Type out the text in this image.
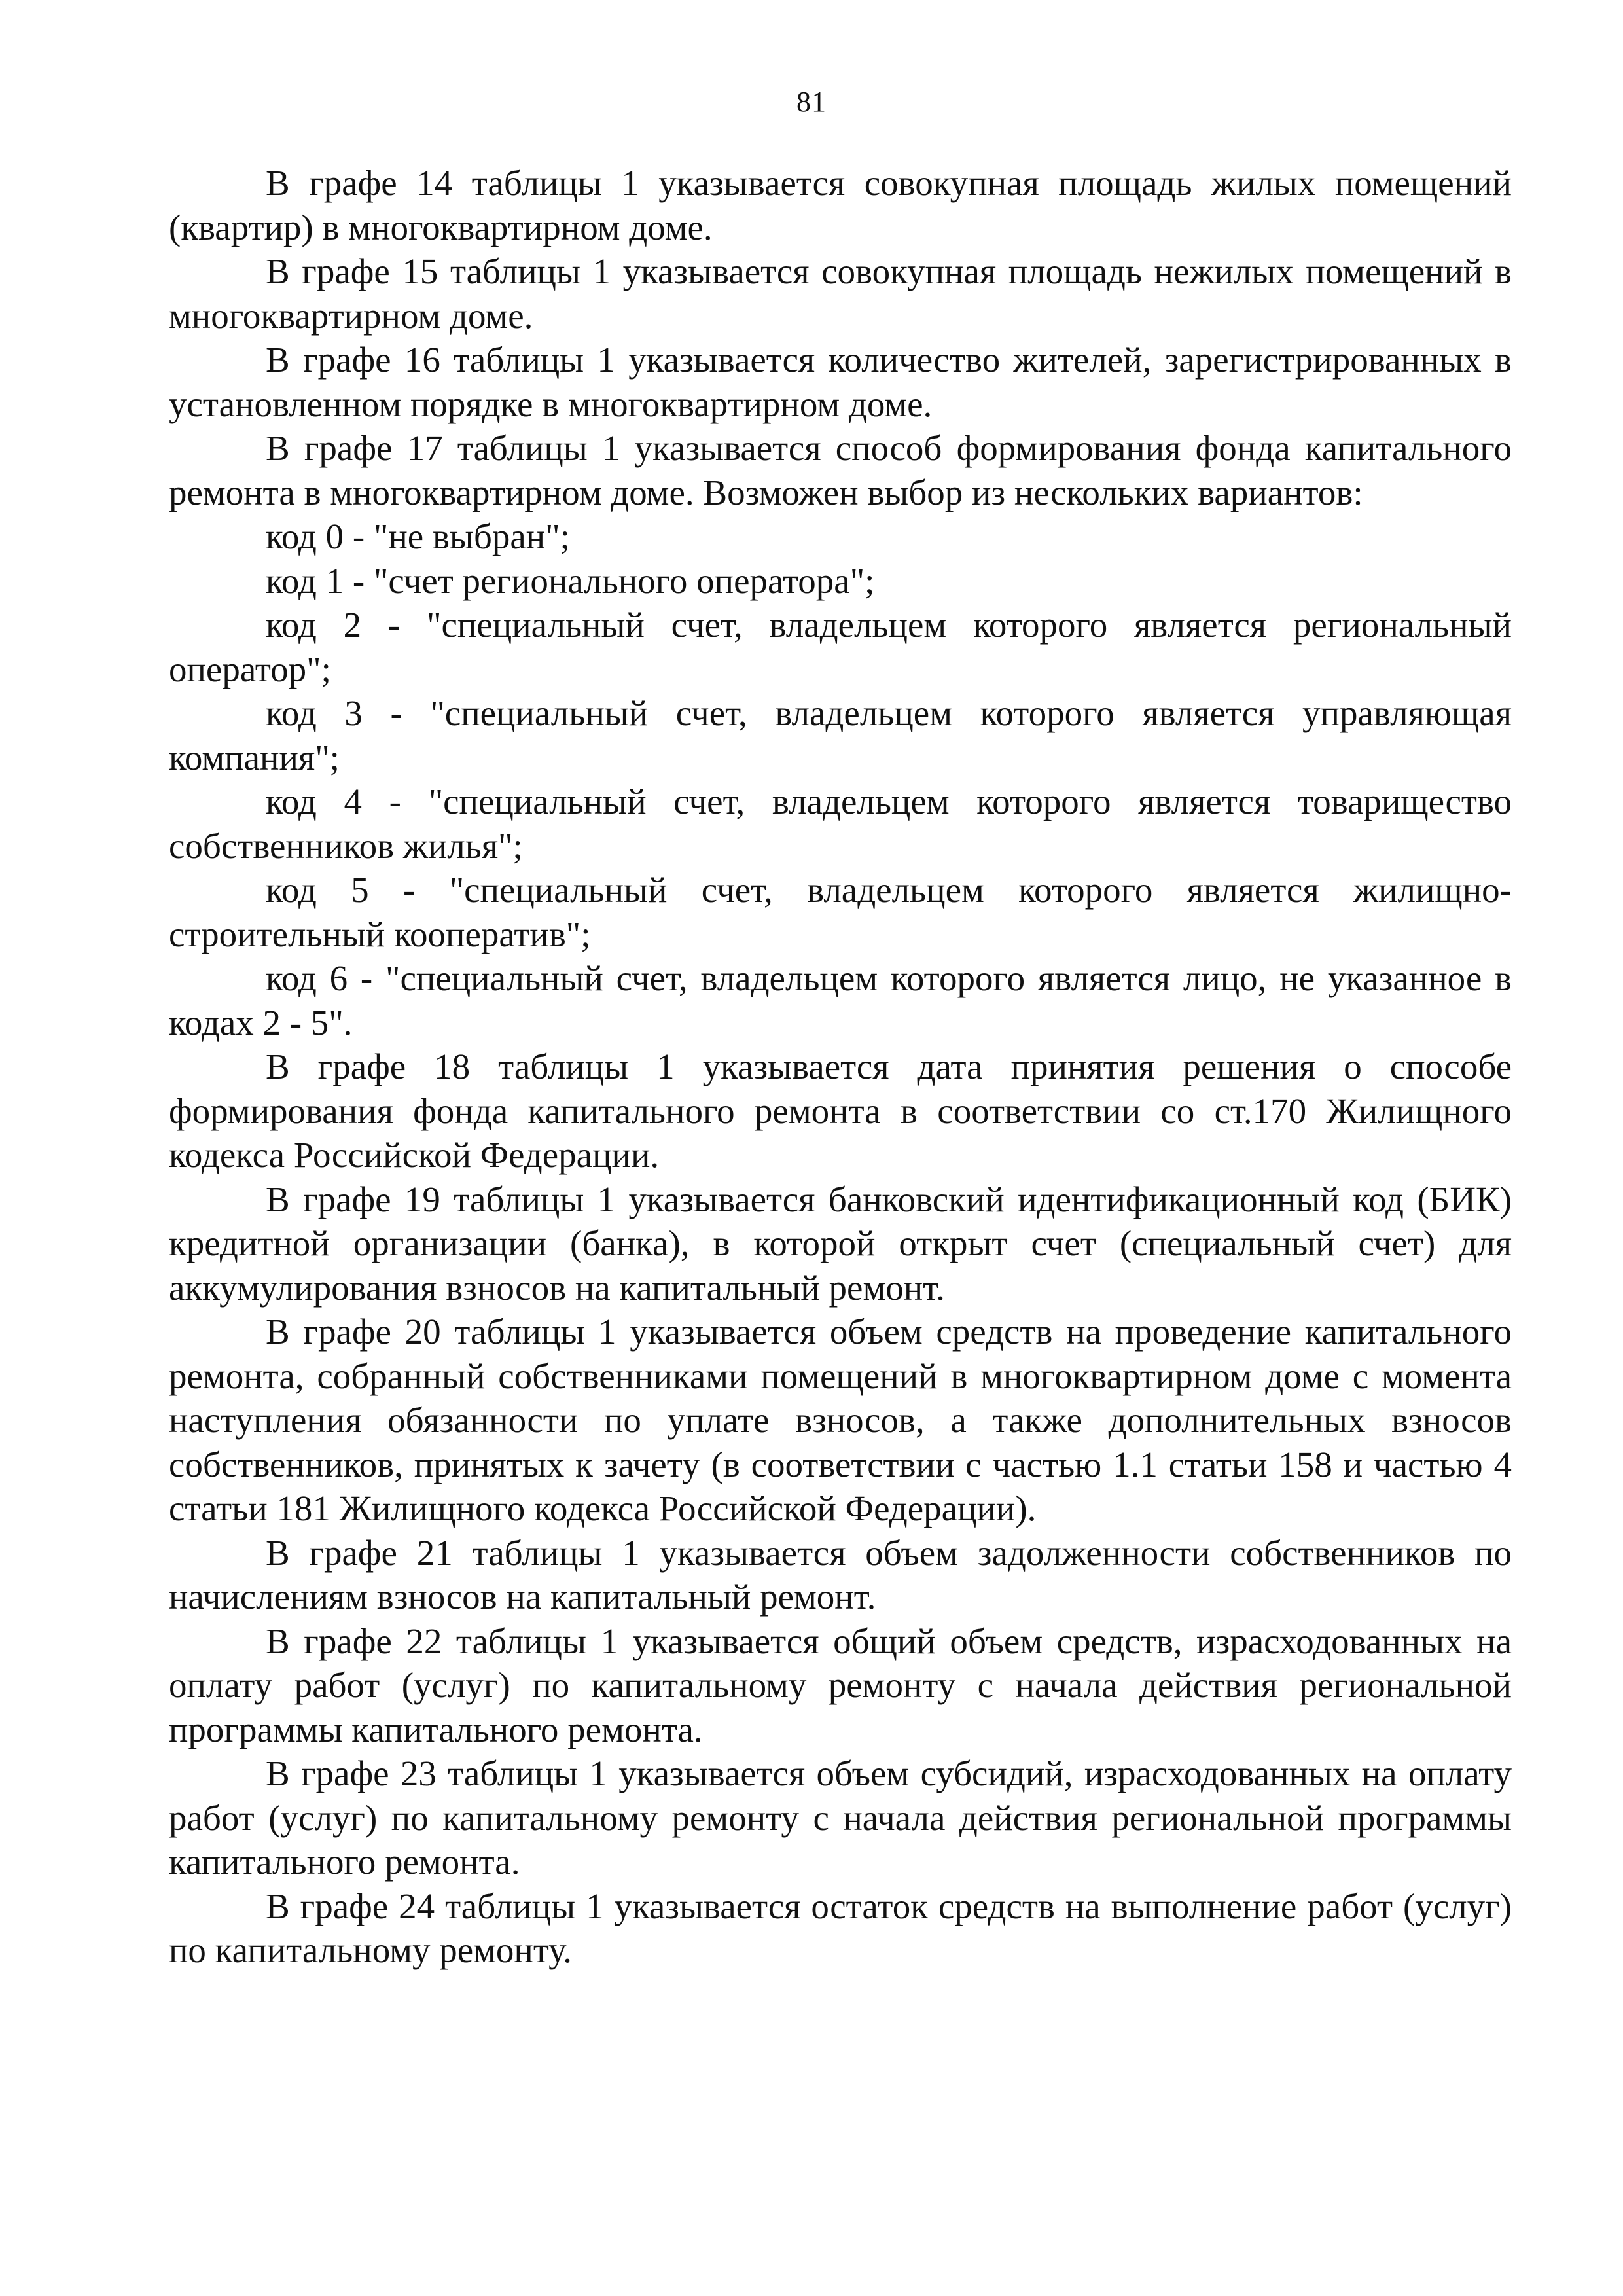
81

В графе 14 таблицы 1 указывается совокупная площадь жилых помещений (квартир) в многоквартирном доме.

В графе 15 таблицы 1 указывается совокупная площадь нежилых помещений в многоквартирном доме.

В графе 16 таблицы 1 указывается количество жителей, зарегистрированных в установленном порядке в многоквартирном доме.

В графе 17 таблицы 1 указывается способ формирования фонда капитального ремонта в многоквартирном доме. Возможен выбор из нескольких вариантов:

код 0 - "не выбран";

код 1 - "счет регионального оператора";

код 2 - "специальный счет, владельцем которого является региональный оператор";

код 3 - "специальный счет, владельцем которого является управляющая компания";

код 4 - "специальный счет, владельцем которого является товарищество собственников жилья";

код 5 - "специальный счет, владельцем которого является жилищно-строительный кооператив";

код 6 - "специальный счет, владельцем которого является лицо, не указанное в кодах 2 - 5".

В графе 18 таблицы 1 указывается дата принятия решения о способе формирования фонда капитального ремонта в соответствии со ст.170 Жилищного кодекса Российской Федерации.

В графе 19 таблицы 1 указывается банковский идентификационный код (БИК) кредитной организации (банка), в которой открыт счет (специальный счет) для аккумулирования взносов на капитальный ремонт.

В графе 20 таблицы 1 указывается объем средств на проведение капитального ремонта, собранный собственниками помещений в многоквартирном доме с момента наступления обязанности по уплате взносов, а также дополнительных взносов собственников, принятых к зачету (в соответствии с частью 1.1 статьи 158 и частью 4 статьи 181 Жилищного кодекса Российской Федерации).

В графе 21 таблицы 1 указывается объем задолженности собственников по начислениям взносов на капитальный ремонт.

В графе 22 таблицы 1 указывается общий объем средств, израсходованных на оплату работ (услуг) по капитальному ремонту с начала действия региональной программы капитального ремонта.

В графе 23 таблицы 1 указывается объем субсидий, израсходованных на оплату работ (услуг) по капитальному ремонту с начала действия региональной программы капитального ремонта.

В графе 24 таблицы 1 указывается остаток средств на выполнение работ (услуг) по капитальному ремонту.
